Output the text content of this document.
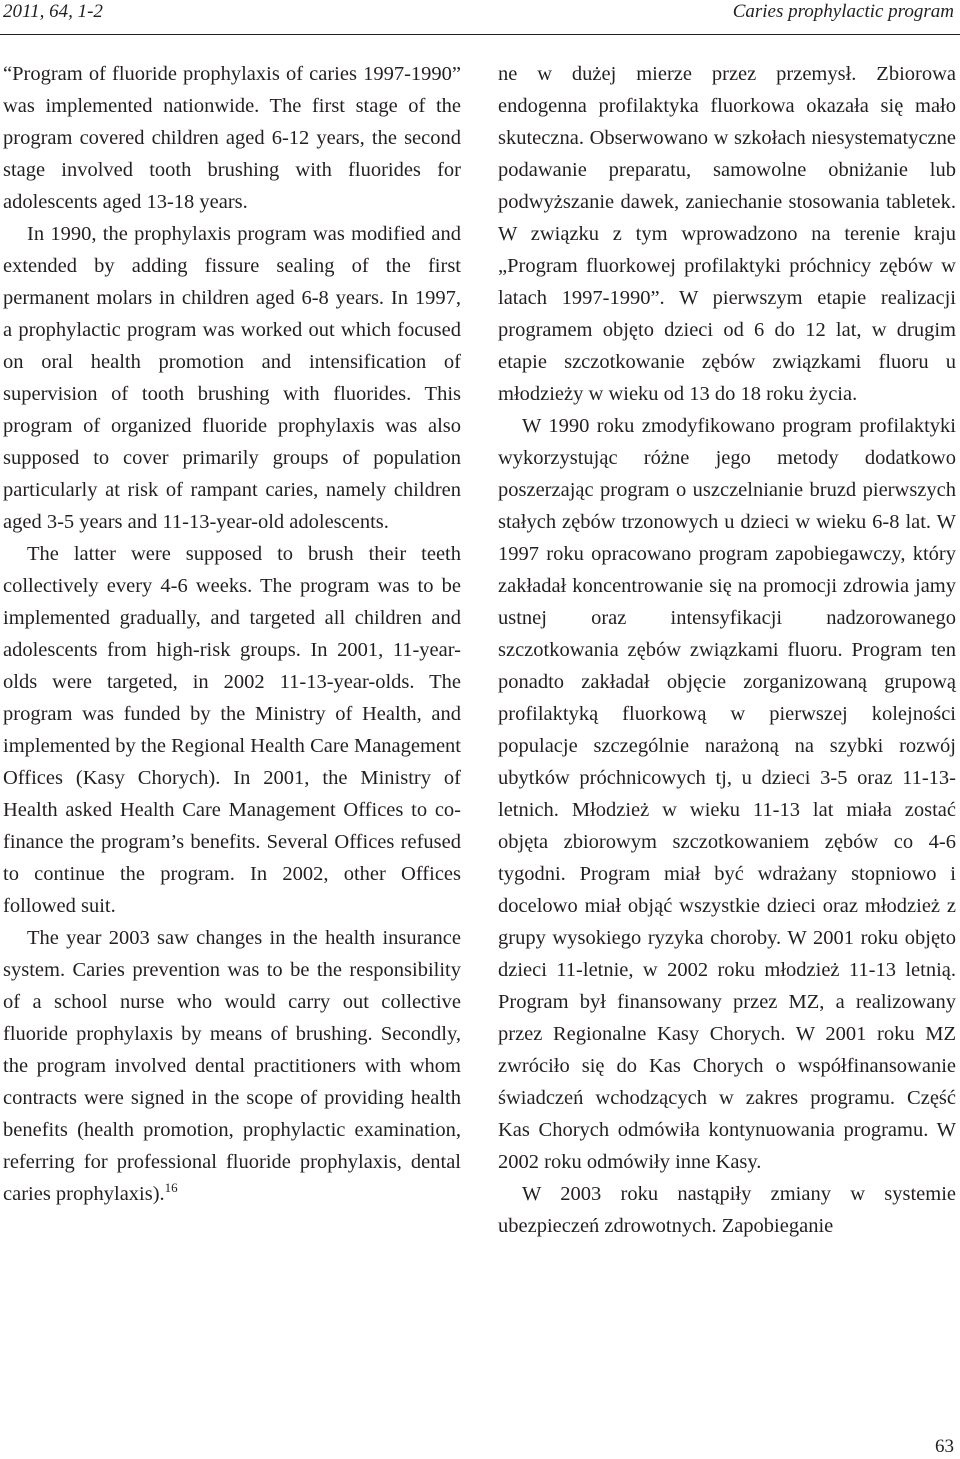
2011, 64, 1-2	Caries prophylactic program

“Program of fluoride prophylaxis of caries 1997-1990” was implemented nationwide. The first stage of the program covered children aged 6-12 years, the second stage involved tooth brushing with fluorides for adolescents aged 13-18 years.

In 1990, the prophylaxis program was modified and extended by adding fissure sealing of the first permanent molars in children aged 6-8 years. In 1997, a prophylactic program was worked out which focused on oral health promotion and intensification of supervision of tooth brushing with fluorides. This program of organized fluoride prophylaxis was also supposed to cover primarily groups of population particularly at risk of rampant caries, namely children aged 3-5 years and 11-13-year-old adolescents.

The latter were supposed to brush their teeth collectively every 4-6 weeks. The program was to be implemented gradually, and targeted all children and adolescents from high-risk groups. In 2001, 11-year-olds were targeted, in 2002 11-13-year-olds. The program was funded by the Ministry of Health, and implemented by the Regional Health Care Management Offices (Kasy Chorych). In 2001, the Ministry of Health asked Health Care Management Offices to co-finance the program’s benefits. Several Offices refused to continue the program. In 2002, other Offices followed suit.

The year 2003 saw changes in the health insurance system. Caries prevention was to be the responsibility of a school nurse who would carry out collective fluoride prophylaxis by means of brushing. Secondly, the program involved dental practitioners with whom contracts were signed in the scope of providing health benefits (health promotion, prophylactic examination, referring for professional fluoride prophylaxis, dental caries prophylaxis).$^{16}$

ne w dużej mierze przez przemysł. Zbiorowa endogenna profilaktyka fluorkowa okazała się mało skuteczna. Obserwowano w szkołach niesystematyczne podawanie preparatu, samowolne obniżanie lub podwyższanie dawek, zaniechanie stosowania tabletek. W związku z tym wprowadzono na terenie kraju „Program fluorkowej profilaktyki próchnicy zębów w latach 1997-1990”. W pierwszym etapie realizacji programem objęto dzieci od 6 do 12 lat, w drugim etapie szczotkowanie zębów związkami fluoru u młodzieży w wieku od 13 do 18 roku życia.

W 1990 roku zmodyfikowano program profilaktyki wykorzystując różne jego metody dodatkowo poszerzając program o uszczelnianie bruzd pierwszych stałych zębów trzonowych u dzieci w wieku 6-8 lat. W 1997 roku opracowano program zapobiegawczy, który zakładał koncentrowanie się na promocji zdrowia jamy ustnej oraz intensyfikacji nadzorowanego szczotkowania zębów związkami fluoru. Program ten ponadto zakładał objęcie zorganizowaną grupową profilaktyką fluorkową w pierwszej kolejności populacje szczególnie narażoną na szybki rozwój ubytków próchnicowych tj, u dzieci 3-5 oraz 11-13-letnich. Młodzież w wieku 11-13 lat miała zostać objęta zbiorowym szczotkowaniem zębów co 4-6 tygodni. Program miał być wdrażany stopniowo i docelowo miał objąć wszystkie dzieci oraz młodzież z grupy wysokiego ryzyka choroby. W 2001 roku objęto dzieci 11-letnie, w 2002 roku młodzież 11-13 letnią. Program był finansowany przez MZ, a realizowany przez Regionalne Kasy Chorych. W 2001 roku MZ zwróciło się do Kas Chorych o współfinansowanie świadczeń wchodzących w zakres programu. Część Kas Chorych odmówiła kontynuowania programu. W 2002 roku odmówiły inne Kasy.

W 2003 roku nastąpiły zmiany w systemie ubezpieczeń zdrowotnych. Zapobieganie

63
